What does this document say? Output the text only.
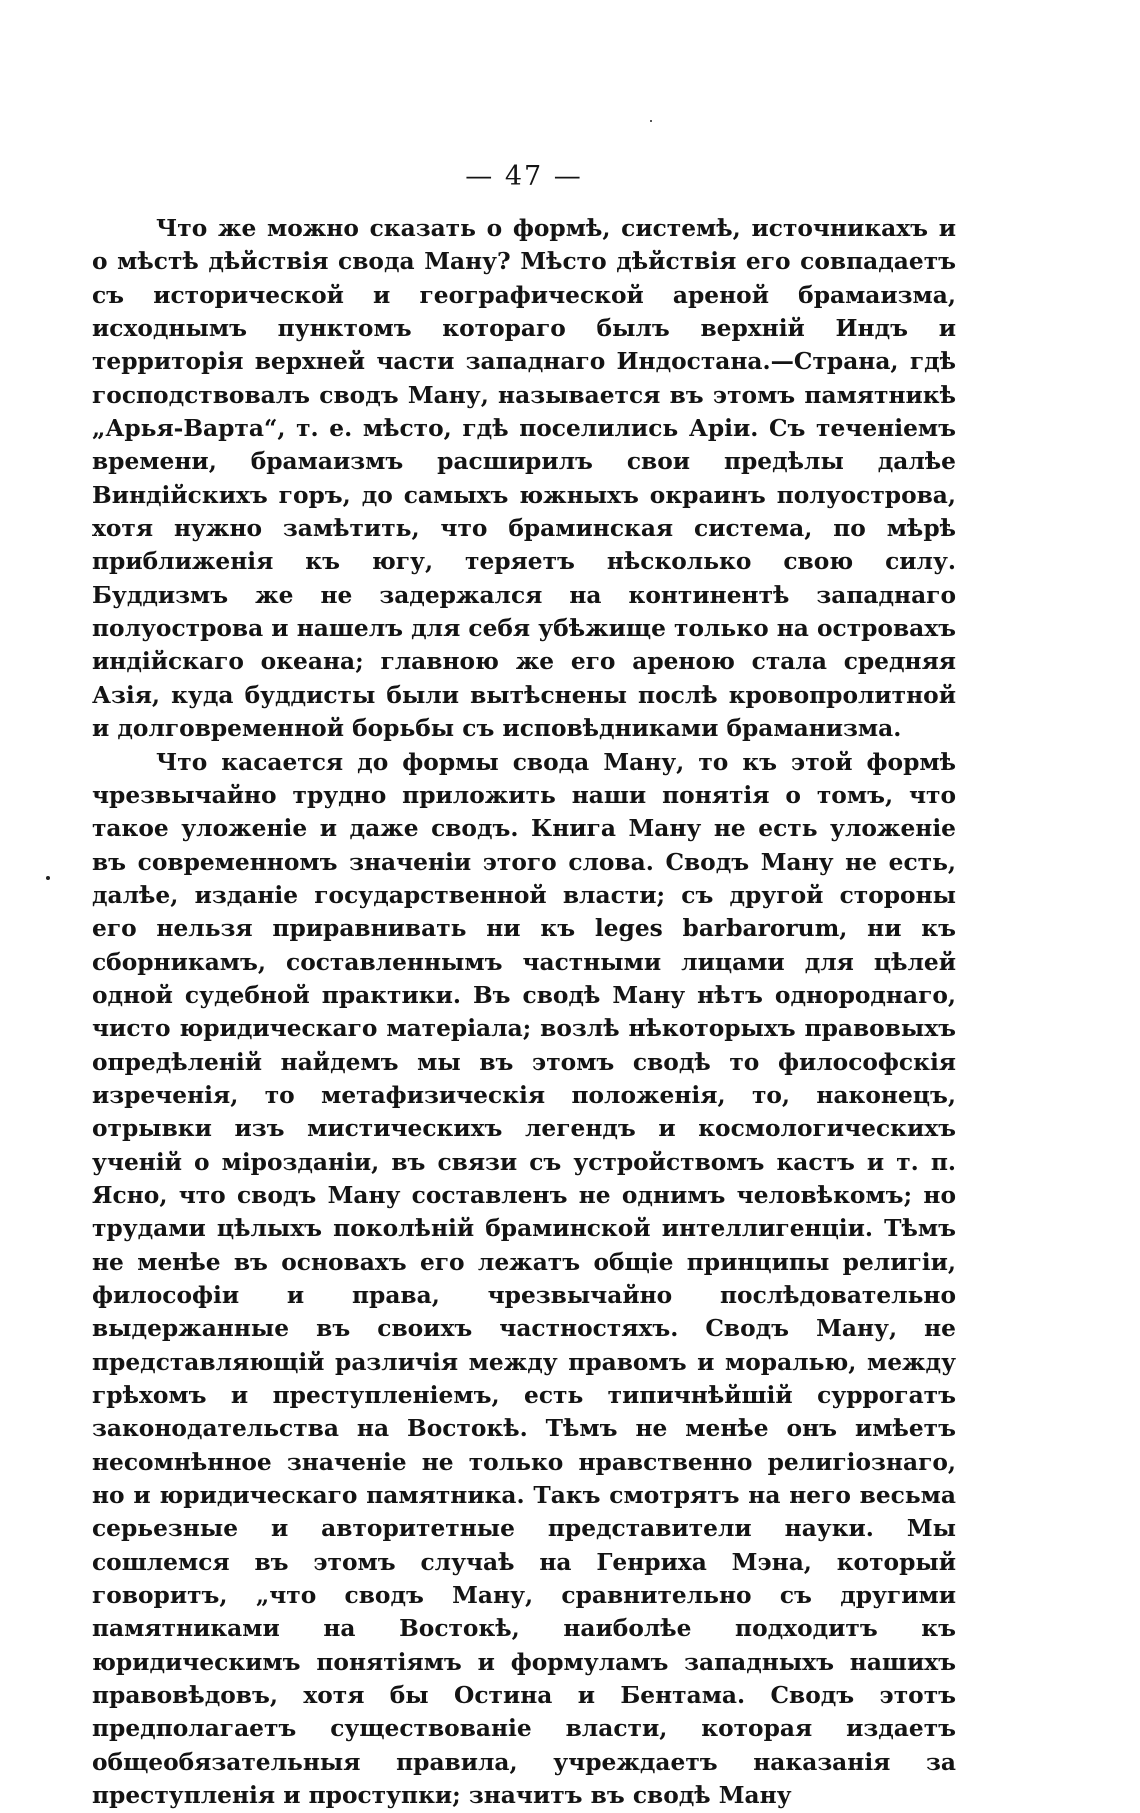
— 47 —

Что же можно сказать о формѣ, системѣ, источникахъ и о мѣстѣ дѣйствія свода Ману? Мѣсто дѣйствія его совпадаетъ съ исторической и географической ареной брамаизма, исходнымъ пунктомъ котораго былъ верхній Индъ и территорія верхней части западнаго Индостана.—Страна, гдѣ господствовалъ сводъ Ману, называется въ этомъ памятникѣ „Арья-Варта“, т. е. мѣсто, гдѣ поселились Аріи. Съ теченіемъ времени, брамаизмъ расширилъ свои предѣлы далѣе Виндійскихъ горъ, до самыхъ южныхъ окраинъ полуострова, хотя нужно замѣтить, что браминская система, по мѣрѣ приближенія къ югу, теряетъ нѣсколько свою силу. Буддизмъ же не задержался на континентѣ западнаго полуострова и нашелъ для себя убѣжище только на островахъ индійскаго океана; главною же его ареною стала средняя Азія, куда буддисты были вытѣснены послѣ кровопролитной и долговременной борьбы съ исповѣдниками браманизма.

Что касается до формы свода Ману, то къ этой формѣ чрезвычайно трудно приложить наши понятія о томъ, что такое уложеніе и даже сводъ. Книга Ману не есть уложеніе въ современномъ значеніи этого слова. Сводъ Ману не есть, далѣе, изданіе государственной власти; съ другой стороны его нельзя приравнивать ни къ leges barbarorum, ни къ сборникамъ, составленнымъ частными лицами для цѣлей одной судебной практики. Въ сводѣ Ману нѣтъ однороднаго, чисто юридическаго матеріала; возлѣ нѣкоторыхъ правовыхъ опредѣленій найдемъ мы въ этомъ сводѣ то философскія изреченія, то метафизическія положенія, то, наконецъ, отрывки изъ мистическихъ легендъ и космологическихъ ученій о мірозданіи, въ связи съ устройствомъ кастъ и т. п. Ясно, что сводъ Ману составленъ не однимъ человѣкомъ; но трудами цѣлыхъ поколѣній браминской интеллигенціи. Тѣмъ не менѣе въ основахъ его лежатъ общіе принципы религіи, философіи и права, чрезвычайно послѣдовательно выдержанные въ своихъ частностяхъ. Сводъ Ману, не представляющій различія между правомъ и моралью, между грѣхомъ и преступленіемъ, есть типичнѣйшій суррогатъ законодательства на Востокѣ. Тѣмъ не менѣе онъ имѣетъ несомнѣнное значеніе не только нравственно религіознаго, но и юридическаго памятника. Такъ смотрятъ на него весьма серьезные и авторитетные представители науки. Мы сошлемся въ этомъ случаѣ на Генриха Мэна, который говоритъ, „что сводъ Ману, сравнительно съ другими памятниками на Востокѣ, наиболѣе подходитъ къ юридическимъ понятіямъ и формуламъ западныхъ нашихъ правовѣдовъ, хотя бы Остина и Бентама. Сводъ этотъ предполагаетъ существованіе власти, которая издаетъ общеобязательныя правила, учреждаетъ наказанія за преступленія и проступки; значитъ въ сводѣ Ману
